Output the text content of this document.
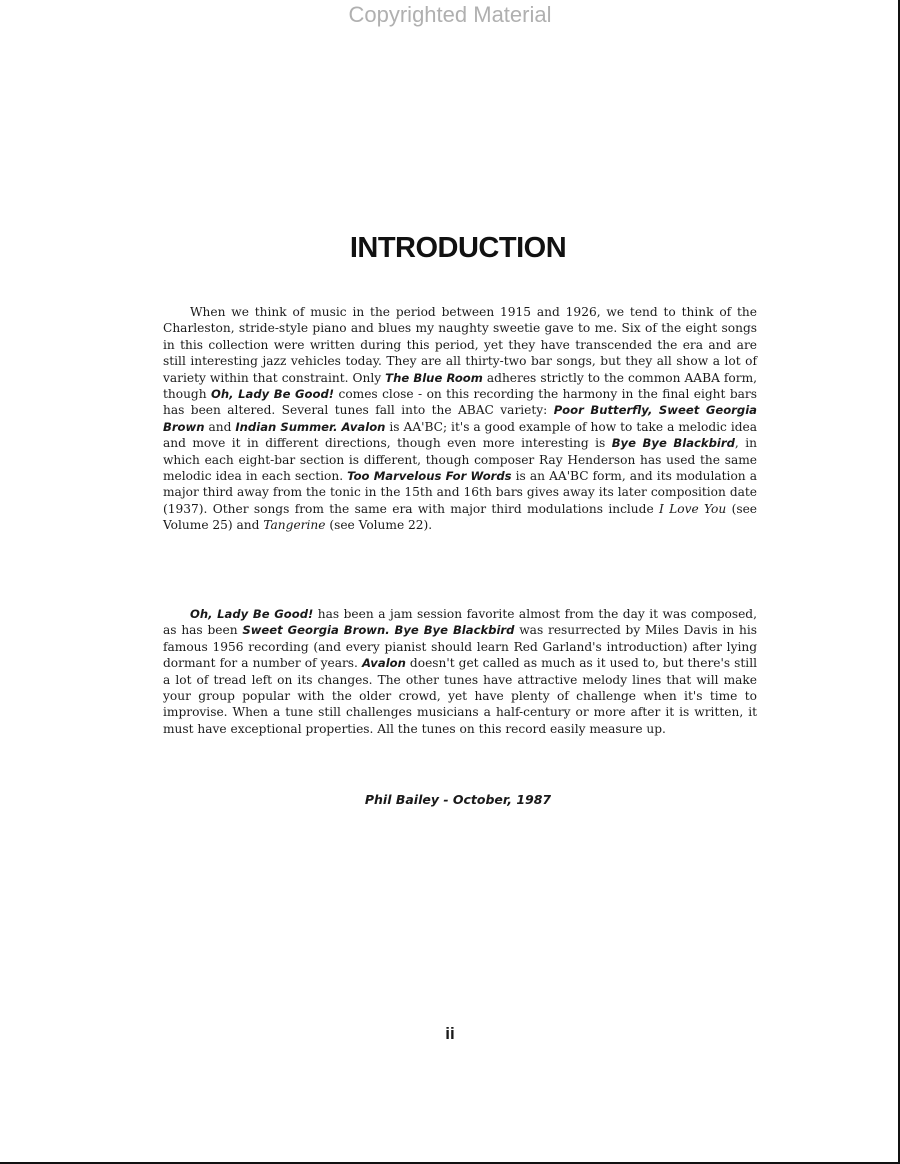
Copyrighted Material
INTRODUCTION

When we think of music in the period between 1915 and 1926, we tend to think of the Charleston, stride-style piano and blues my naughty sweetie gave to me. Six of the eight songs in this collection were written during this period, yet they have transcended the era and are still interesting jazz vehicles today. They are all thirty-two bar songs, but they all show a lot of variety within that constraint. Only The Blue Room adheres strictly to the common AABA form, though Oh, Lady Be Good! comes close - on this recording the harmony in the final eight bars has been altered. Several tunes fall into the ABAC variety: Poor Butterfly, Sweet Georgia Brown and Indian Summer. Avalon is AA'BC; it's a good example of how to take a melodic idea and move it in different directions, though even more interesting is Bye Bye Blackbird, in which each eight-bar section is different, though composer Ray Henderson has used the same melodic idea in each section. Too Marvelous For Words is an AA'BC form, and its modulation a major third away from the tonic in the 15th and 16th bars gives away its later composition date (1937). Other songs from the same era with major third modulations include I Love You (see Volume 25) and Tangerine (see Volume 22).

Oh, Lady Be Good! has been a jam session favorite almost from the day it was composed, as has been Sweet Georgia Brown. Bye Bye Blackbird was resurrected by Miles Davis in his famous 1956 recording (and every pianist should learn Red Garland's introduction) after lying dormant for a number of years. Avalon doesn't get called as much as it used to, but there's still a lot of tread left on its changes. The other tunes have attractive melody lines that will make your group popular with the older crowd, yet have plenty of challenge when it's time to improvise. When a tune still challenges musicians a half-century or more after it is written, it must have exceptional properties. All the tunes on this record easily measure up.

Phil Bailey - October, 1987
ii
